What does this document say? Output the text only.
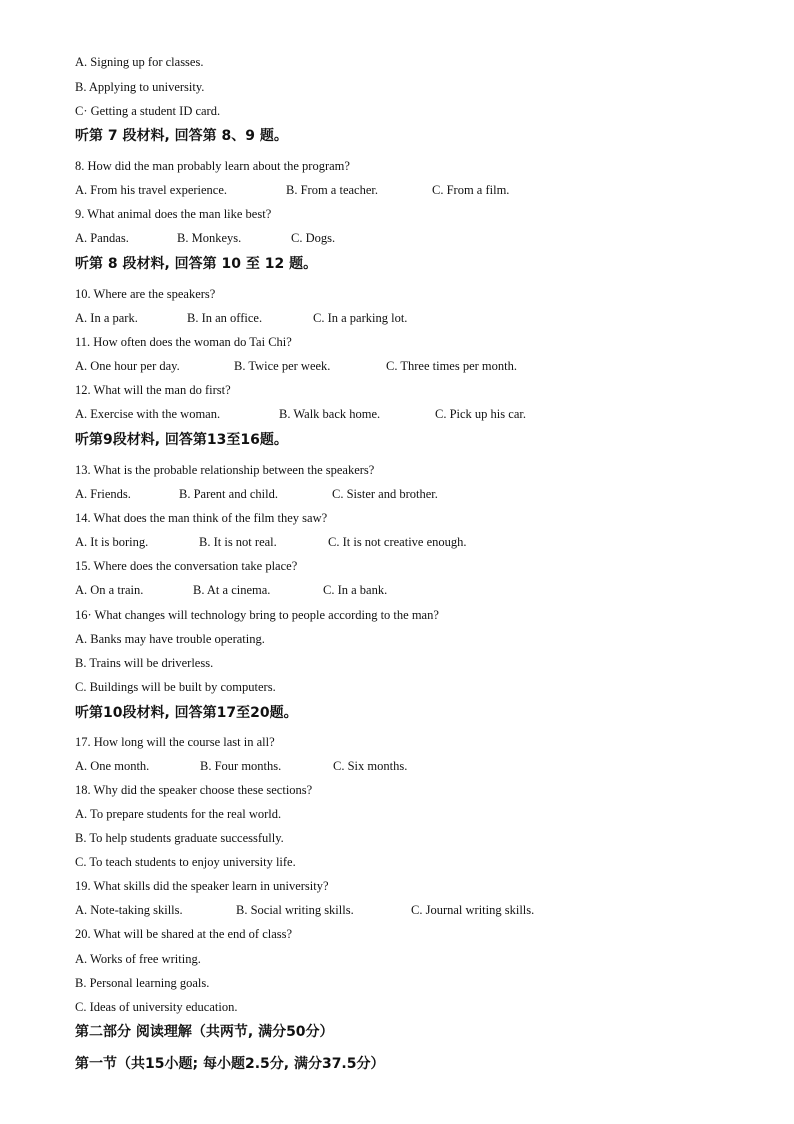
A. Signing up for classes.
B. Applying to university.
C· Getting a student ID card.
听第 7 段材料, 回答第 8、9 题。
8. How did the man probably learn about the program?
A. From his travel experience.	B. From a teacher.	C. From a film.
9. What animal does the man like best?
A. Pandas.	B. Monkeys.	C. Dogs.
听第 8 段材料, 回答第 10 至 12 题。
10. Where are the speakers?
A. In a park.	B. In an office.	C. In a parking lot.
11. How often does the woman do Tai Chi?
A. One hour per day.	B. Twice per week.	C. Three times per month.
12. What will the man do first?
A. Exercise with the woman.	B. Walk back home.	C. Pick up his car.
听第9段材料, 回答第13至16题。
13. What is the probable relationship between the speakers?
A. Friends.	B. Parent and child.	C. Sister and brother.
14. What does the man think of the film they saw?
A. It is boring.	B. It is not real.	C. It is not creative enough.
15. Where does the conversation take place?
A. On a train.	B. At a cinema.	C. In a bank.
16· What changes will technology bring to people according to the man?
A. Banks may have trouble operating.
B. Trains will be driverless.
C. Buildings will be built by computers.
听第10段材料, 回答第17至20题。
17. How long will the course last in all?
A. One month.	B. Four months.	C. Six months.
18. Why did the speaker choose these sections?
A. To prepare students for the real world.
B. To help students graduate successfully.
C. To teach students to enjoy university life.
19. What skills did the speaker learn in university?
A. Note-taking skills.	B. Social writing skills.	C. Journal writing skills.
20. What will be shared at the end of class?
A. Works of free writing.
B. Personal learning goals.
C. Ideas of university education.
第二部分 阅读理解（共两节, 满分50分）
第一节（共15小题; 每小题2.5分, 满分37.5分）
